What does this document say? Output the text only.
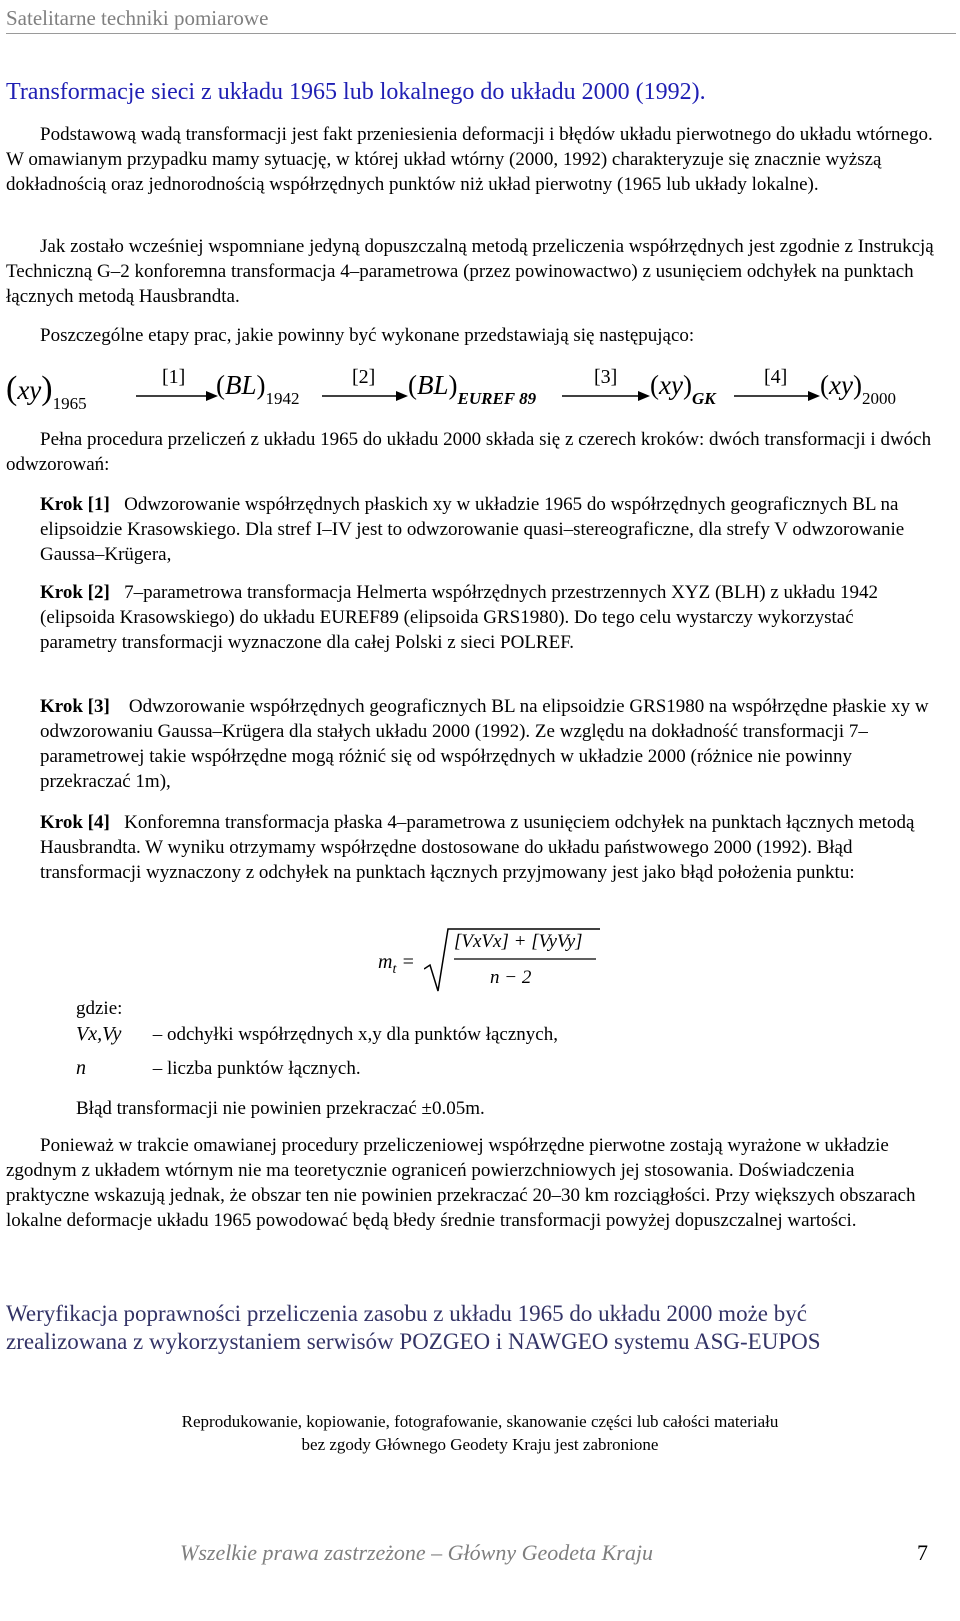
Satelitarne techniki pomiarowe
Transformacje sieci z układu 1965 lub lokalnego do układu 2000 (1992).
Podstawową wadą transformacji jest fakt przeniesienia deformacji i błędów układu pierwotnego do układu wtórnego. W omawianym przypadku mamy sytuację, w której układ wtórny (2000, 1992) charakteryzuje się znacznie wyższą dokładnością oraz jednorodnością współrzędnych punktów niż układ pierwotny (1965 lub układy lokalne).
Jak zostało wcześniej wspomniane jedyną dopuszczalną metodą przeliczenia współrzędnych jest zgodnie z Instrukcją Techniczną G–2 konforemna transformacja 4–parametrowa (przez powinowactwo) z usunięciem odchyłek na punktach łącznych metodą Hausbrandta.
Poszczególne etapy prac, jakie powinny być wykonane przedstawiają się następująco:
$(xy)_{1965}$
[1] $(BL)_{1942}$
[2] $(BL)_{EUREF 89}$
[3] $(xy)_{GK}$
[4] $(xy)_{2000}$
Pełna procedura przeliczeń z układu 1965 do układu 2000 składa się z czerech kroków: dwóch transformacji i dwóch odwzorowań:
Krok [1] Odwzorowanie współrzędnych płaskich xy w układzie 1965 do współrzędnych geograficznych BL na elipsoidzie Krasowskiego. Dla stref I–IV jest to odwzorowanie quasi–stereograficzne, dla strefy V odwzorowanie Gaussa–Krügera,
Krok [2] 7–parametrowa transformacja Helmerta współrzędnych przestrzennych XYZ (BLH) z układu 1942 (elipsoida Krasowskiego) do układu EUREF89 (elipsoida GRS1980). Do tego celu wystarczy wykorzystać parametry transformacji wyznaczone dla całej Polski z sieci POLREF.
Krok [3] Odwzorowanie współrzędnych geograficznych BL na elipsoidzie GRS1980 na współrzędne płaskie xy w odwzorowaniu Gaussa–Krügera dla stałych układu 2000 (1992). Ze względu na dokładność transformacji 7–parametrowej takie współrzędne mogą różnić się od współrzędnych w układzie 2000 (różnice nie powinny przekraczać 1m),
Krok [4] Konforemna transformacja płaska 4–parametrowa z usunięciem odchyłek na punktach łącznych metodą Hausbrandta. W wyniku otrzymamy współrzędne dostosowane do układu państwowego 2000 (1992). Błąd transformacji wyznaczony z odchyłek na punktach łącznych przyjmowany jest jako błąd położenia punktu:
$m_t$ =
[VxVx] + [VyVy]
n − 2
gdzie:
Vx,Vy – odchyłki współrzędnych x,y dla punktów łącznych,
n	– liczba punktów łącznych.
Błąd transformacji nie powinien przekraczać ±0.05m.
Ponieważ w trakcie omawianej procedury przeliczeniowej współrzędne pierwotne zostają wyrażone w układzie zgodnym z układem wtórnym nie ma teoretycznie ograniceń powierzchniowych jej stosowania. Doświadczenia praktyczne wskazują jednak, że obszar ten nie powinien przekraczać 20–30 km rozciągłości. Przy większych obszarach lokalne deformacje układu 1965 powodować będą błedy średnie transformacji powyżej dopuszczalnej wartości.
Weryfikacja poprawności przeliczenia zasobu z układu 1965 do układu 2000 może być zrealizowana z wykorzystaniem serwisów POZGEO i NAWGEO systemu ASG-EUPOS
Reprodukowanie, kopiowanie, fotografowanie, skanowanie części lub całości materiału
bez zgody Głównego Geodety Kraju jest zabronione
Wszelkie prawa zastrzeżone – Główny Geodeta Kraju	7
